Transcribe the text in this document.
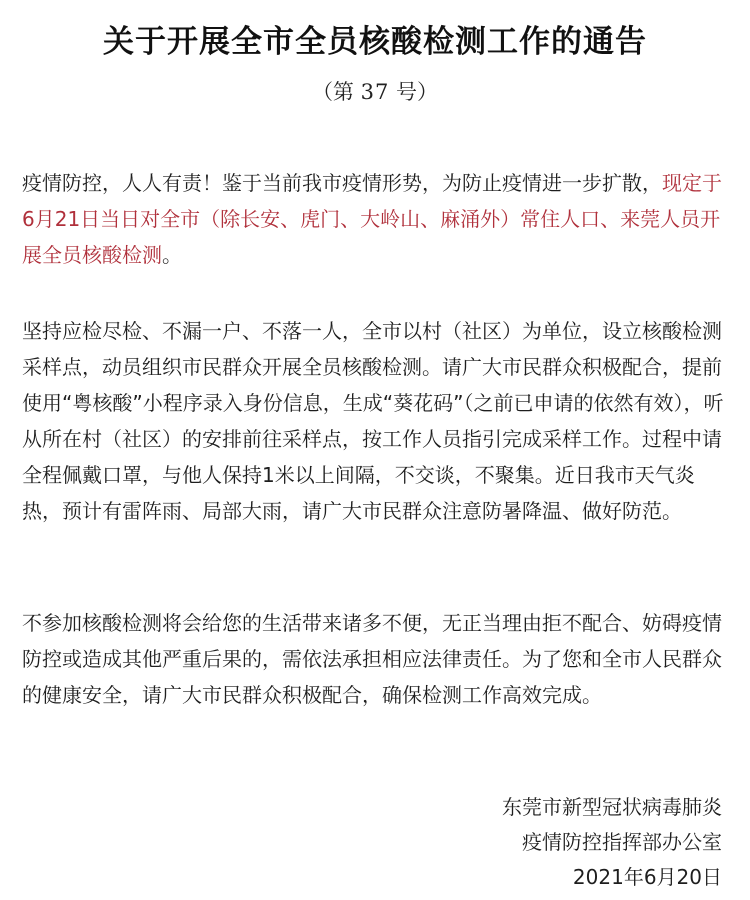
关于开展全市全员核酸检测工作的通告
（第 37 号）

疫情防控，人人有责！鉴于当前我市疫情形势，为防止疫情进一步扩散，现定于6月21日当日对全市（除长安、虎门、大岭山、麻涌外）常住人口、来莞人员开展全员核酸检测。

坚持应检尽检、不漏一户、不落一人，全市以村（社区）为单位，设立核酸检测采样点，动员组织市民群众开展全员核酸检测。请广大市民群众积极配合，提前使用“粤核酸”小程序录入身份信息，生成“葵花码”（之前已申请的依然有效），听从所在村（社区）的安排前往采样点，按工作人员指引完成采样工作。过程中请全程佩戴口罩，与他人保持1米以上间隔，不交谈，不聚集。近日我市天气炎热，预计有雷阵雨、局部大雨，请广大市民群众注意防暑降温、做好防范。

不参加核酸检测将会给您的生活带来诸多不便，无正当理由拒不配合、妨碍疫情防控或造成其他严重后果的，需依法承担相应法律责任。为了您和全市人民群众的健康安全，请广大市民群众积极配合，确保检测工作高效完成。

东莞市新型冠状病毒肺炎
疫情防控指挥部办公室
2021年6月20日
